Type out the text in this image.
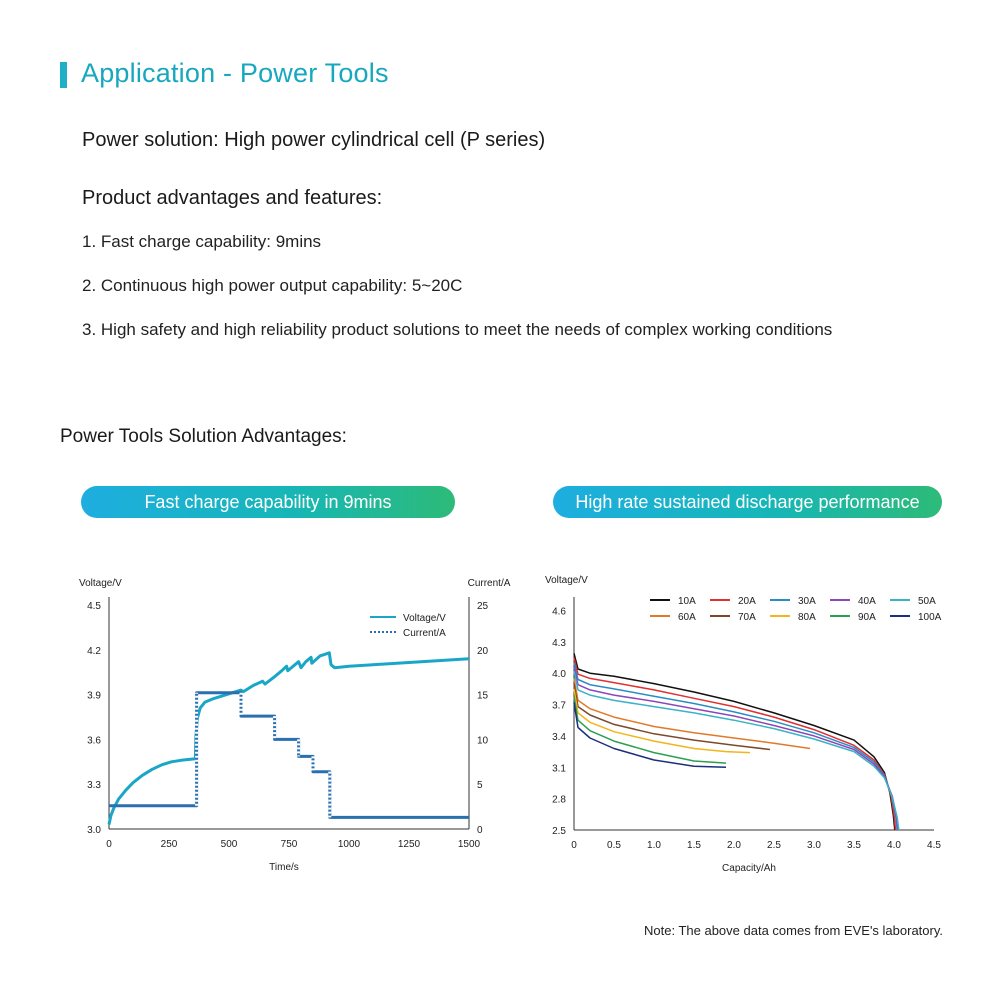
Application - Power Tools
Power solution: High power cylindrical cell (P series)
Product advantages and features:
1. Fast charge capability: 9mins
2. Continuous high power output capability: 5~20C
3. High safety and high reliability product solutions to meet the needs of complex working conditions
Power Tools Solution Advantages:
Fast charge capability in 9mins	High rate sustained discharge performance
Voltage/V	Current/A
Time/s
3.0
3.3
3.6
3.9
4.2
4.5
0
5
10
15
20
25
0	250	500	750	1000	1250	1500
Voltage/V
Current/A
Voltage/V
Capacity/Ah
2.5
2.8
3.1
3.4
3.7
4.0
4.3
4.6
0	0.5	1.0	1.5	2.0	2.5	3.0	3.5	4.0	4.5
10A	20A	30A	40A	50A
60A	70A	80A	90A	100A
Note: The above data comes from EVE's laboratory.
